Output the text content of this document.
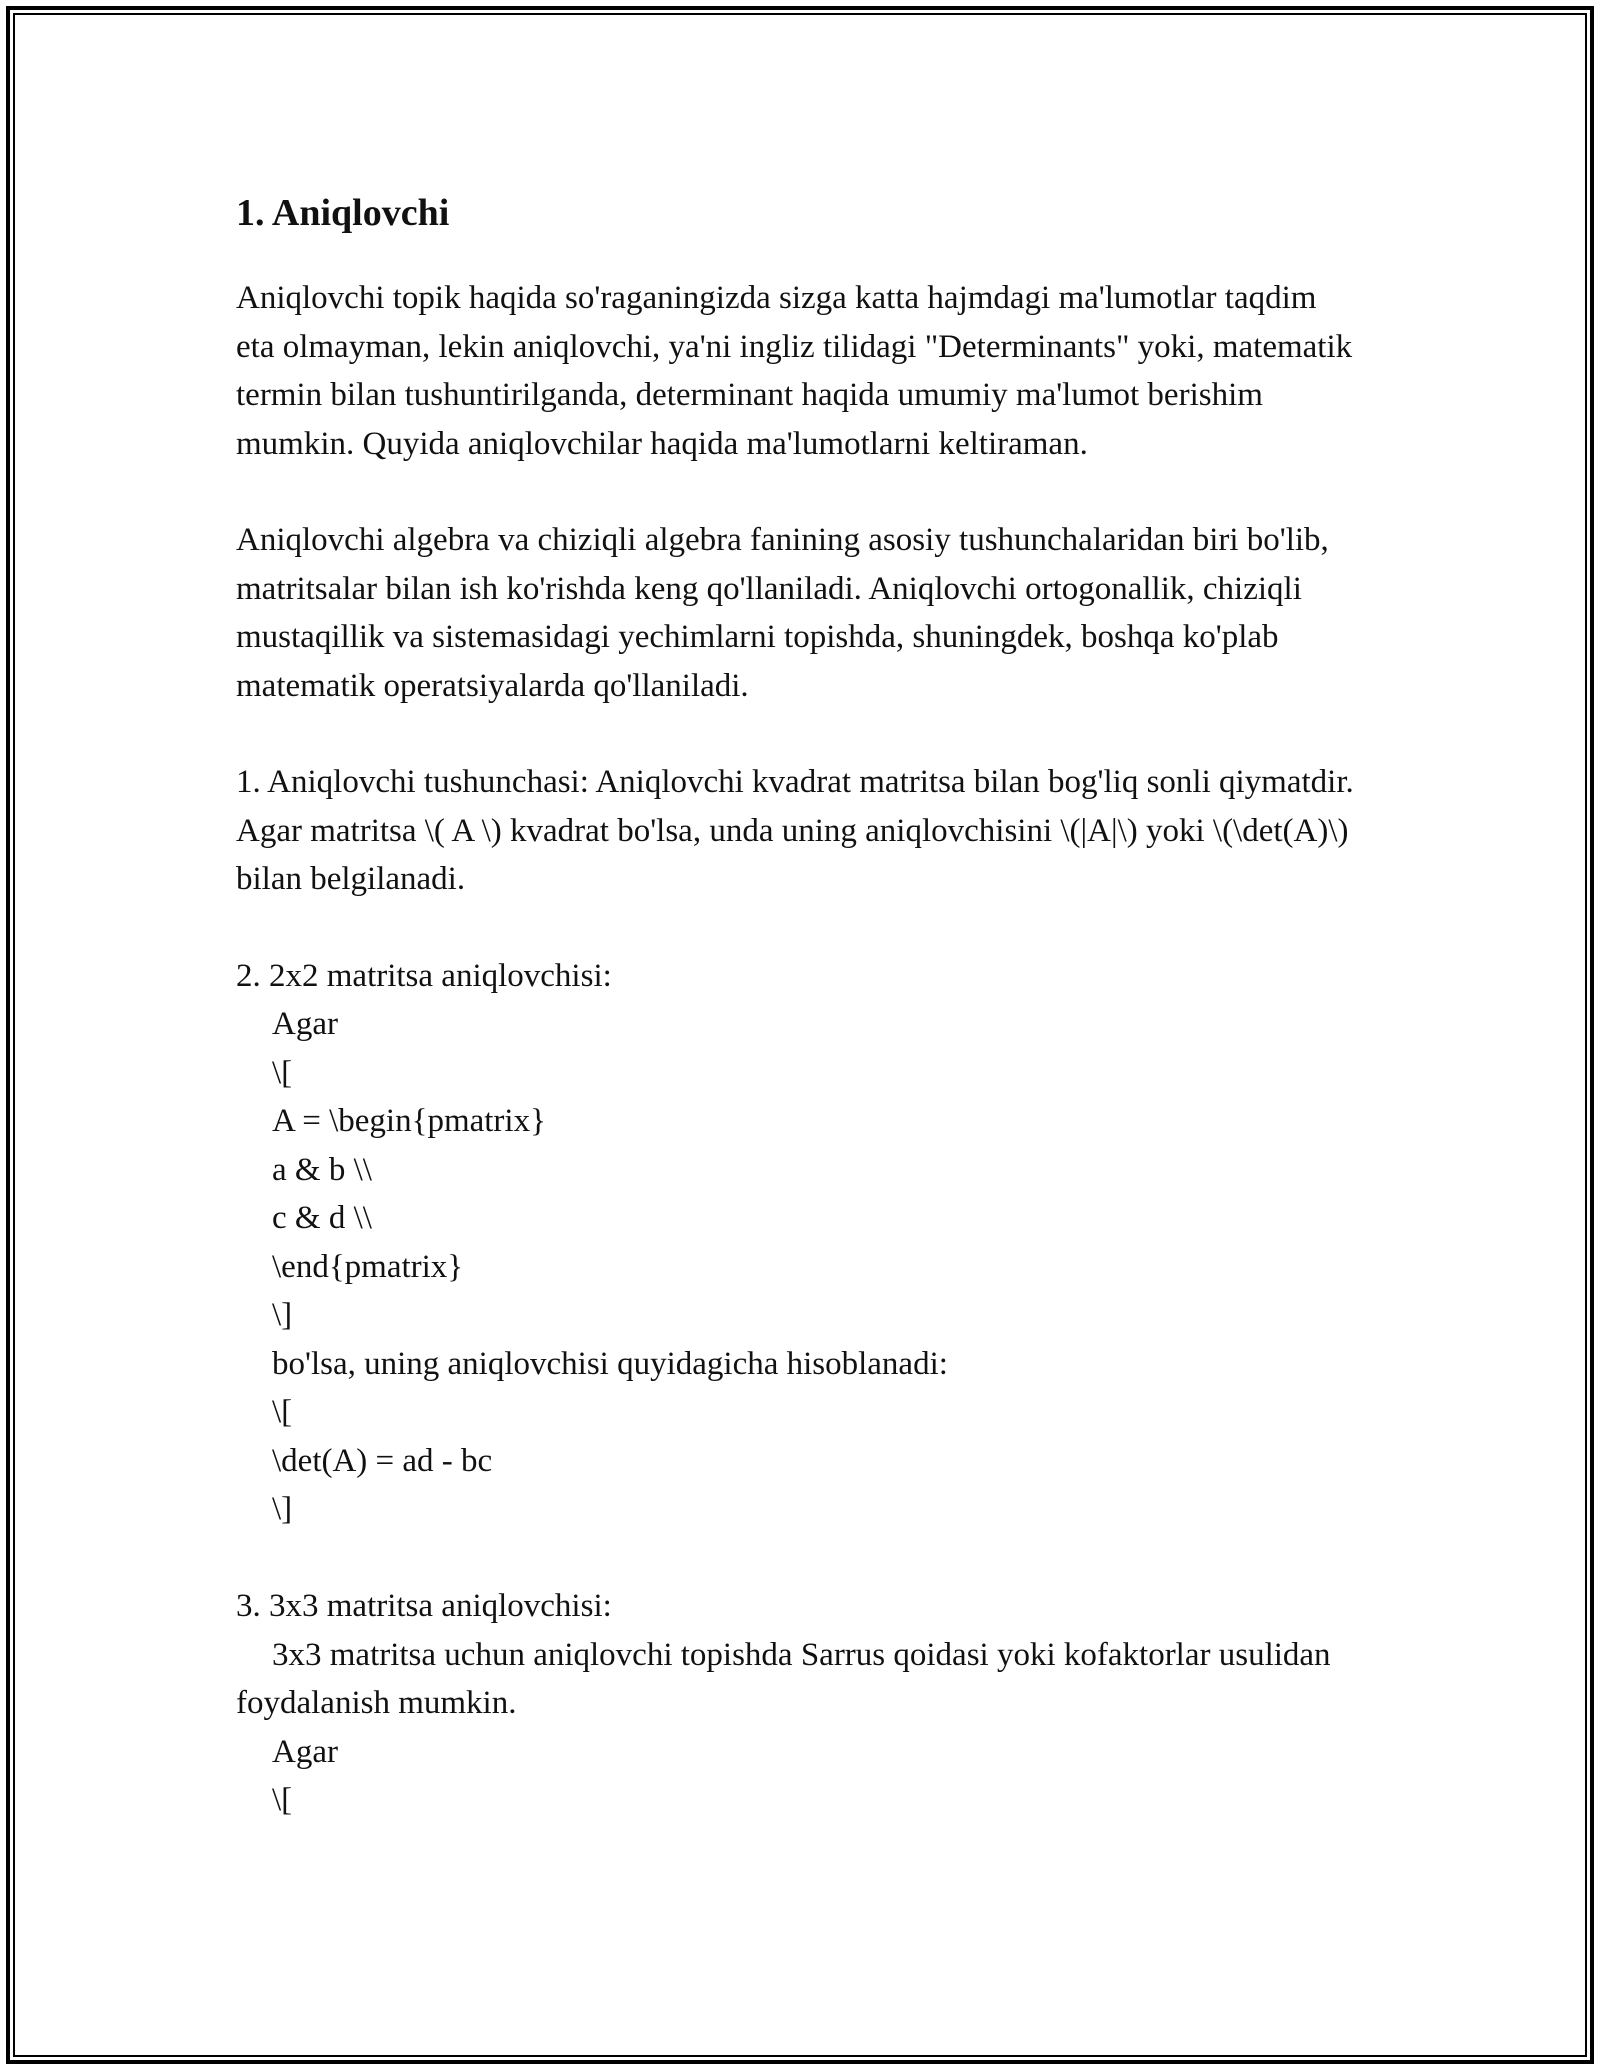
1. Aniqlovchi

Aniqlovchi topik haqida so'raganingizda sizga katta hajmdagi ma'lumotlar taqdim eta olmayman, lekin aniqlovchi, ya'ni ingliz tilidagi "Determinants" yoki, matematik termin bilan tushuntirilganda, determinant haqida umumiy ma'lumot berishim mumkin. Quyida aniqlovchilar haqida ma'lumotlarni keltiraman.

Aniqlovchi algebra va chiziqli algebra fanining asosiy tushunchalaridan biri bo'lib, matritsalar bilan ish ko'rishda keng qo'llaniladi. Aniqlovchi ortogonallik, chiziqli mustaqillik va sistemasidagi yechimlarni topishda, shuningdek, boshqa ko'plab matematik operatsiyalarda qo'llaniladi.

1. Aniqlovchi tushunchasi: Aniqlovchi kvadrat matritsa bilan bog'liq sonli qiymatdir. Agar matritsa \( A \) kvadrat bo'lsa, unda uning aniqlovchisini \(|A|\) yoki \(\det(A)\) bilan belgilanadi.

2. 2x2 matritsa aniqlovchisi:

Agar

\[

A = \begin{pmatrix}

a & b \\

c & d \\

\end{pmatrix}

\]

bo'lsa, uning aniqlovchisi quyidagicha hisoblanadi:

\[

\det(A) = ad - bc

\]

3. 3x3 matritsa aniqlovchisi:

3x3 matritsa uchun aniqlovchi topishda Sarrus qoidasi yoki kofaktorlar usulidan foydalanish mumkin.

Agar

\[
